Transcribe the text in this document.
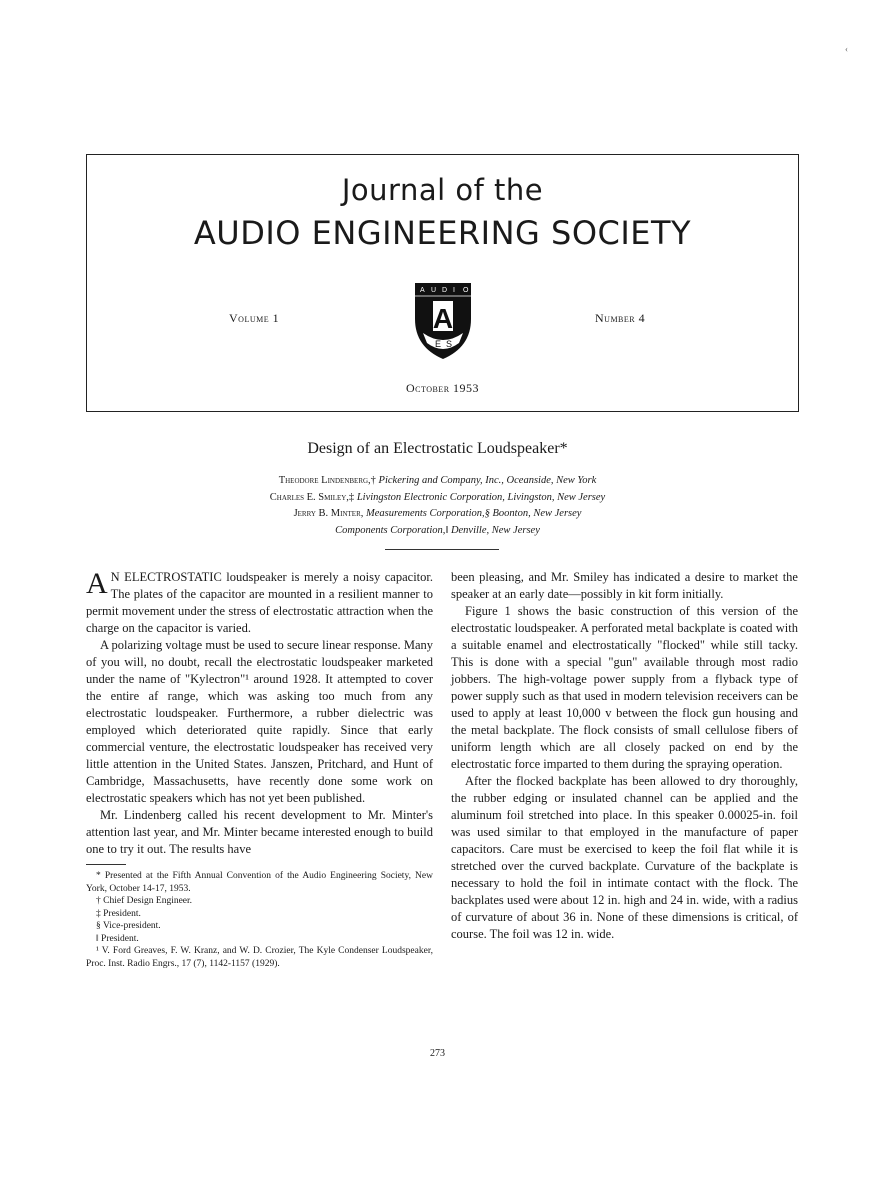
‹
Journal of the
AUDIO ENGINEERING SOCIETY
Volume 1	Number 4
A U D I O
A
E S
October 1953
Design of an Electrostatic Loudspeaker*
Theodore Lindenberg,† Pickering and Company, Inc., Oceanside, New York
Charles E. Smiley,‡ Livingston Electronic Corporation, Livingston, New Jersey
Jerry B. Minter, Measurements Corporation,§ Boonton, New Jersey
Components Corporation,‖ Denville, New Jersey

A N ELECTROSTATIC loudspeaker is merely a noisy capacitor. The plates of the capacitor are mounted in a resilient manner to permit movement under the stress of electrostatic attraction when the charge on the capacitor is varied.

A polarizing voltage must be used to secure linear response. Many of you will, no doubt, recall the electrostatic loudspeaker marketed under the name of "Kylectron"¹ around 1928. It attempted to cover the entire af range, which was asking too much from any electrostatic loudspeaker. Furthermore, a rubber dielectric was employed which deteriorated quite rapidly. Since that early commercial venture, the electrostatic loudspeaker has received very little attention in the United States. Janszen, Pritchard, and Hunt of Cambridge, Massachusetts, have recently done some work on electrostatic speakers which has not yet been published.

Mr. Lindenberg called his recent development to Mr. Minter's attention last year, and Mr. Minter became interested enough to build one to try it out. The results have

* Presented at the Fifth Annual Convention of the Audio Engineering Society, New York, October 14-17, 1953.
† Chief Design Engineer.
‡ President.
§ Vice-president.
‖ President.
¹ V. Ford Greaves, F. W. Kranz, and W. D. Crozier, The Kyle Condenser Loudspeaker, Proc. Inst. Radio Engrs., 17 (7), 1142-1157 (1929).

been pleasing, and Mr. Smiley has indicated a desire to market the speaker at an early date—possibly in kit form initially.

Figure 1 shows the basic construction of this version of the electrostatic loudspeaker. A perforated metal backplate is coated with a suitable enamel and electrostatically "flocked" while still tacky. This is done with a special "gun" available through most radio jobbers. The high-voltage power supply from a flyback type of power supply such as that used in modern television receivers can be used to apply at least 10,000 v between the flock gun housing and the metal backplate. The flock consists of small cellulose fibers of uniform length which are all closely packed on end by the electrostatic force imparted to them during the spraying operation.

After the flocked backplate has been allowed to dry thoroughly, the rubber edging or insulated channel can be applied and the aluminum foil stretched into place. In this speaker 0.00025-in. foil was used similar to that employed in the manufacture of paper capacitors. Care must be exercised to keep the foil flat while it is stretched over the curved backplate. Curvature of the backplate is necessary to hold the foil in intimate contact with the flock. The backplates used were about 12 in. high and 24 in. wide, with a radius of curvature of about 36 in. None of these dimensions is critical, of course. The foil was 12 in. wide.

273
